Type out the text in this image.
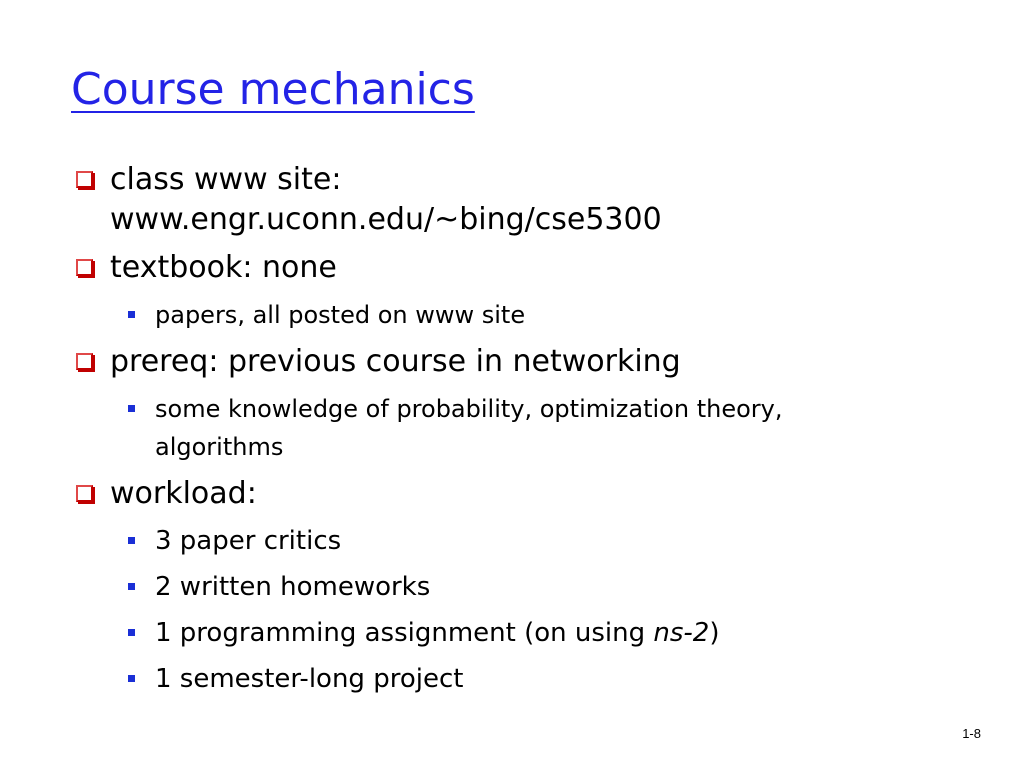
Course mechanics
class www site:
www.engr.uconn.edu/~bing/cse5300
textbook: none
papers, all posted on www site
prereq: previous course in networking
some knowledge of probability, optimization theory, algorithms
workload:
3 paper critics
2 written homeworks
1 programming assignment (on using ns-2)
1 semester-long project
1-8
